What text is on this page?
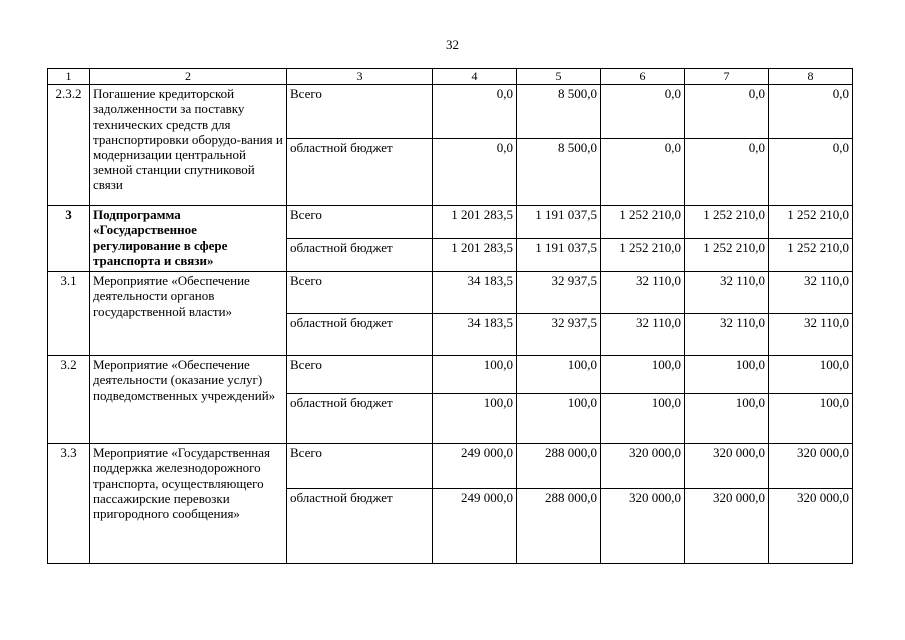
32
1	2	3	4	5	6	7	8
2.3.2	Погашение кредиторской задолженности за поставку технических средств для транспортировки оборудо-вания и модернизации центральной земной станции спутниковой связи	Всего	0,0	8 500,0	0,0	0,0	0,0
		областной бюджет	0,0	8 500,0	0,0	0,0	0,0
3	Подпрограмма «Государственное регулирование в сфере транспорта и связи»	Всего	1 201 283,5	1 191 037,5	1 252 210,0	1 252 210,0	1 252 210,0
		областной бюджет	1 201 283,5	1 191 037,5	1 252 210,0	1 252 210,0	1 252 210,0
3.1	Мероприятие «Обеспечение деятельности органов государственной власти»	Всего	34 183,5	32 937,5	32 110,0	32 110,0	32 110,0
		областной бюджет	34 183,5	32 937,5	32 110,0	32 110,0	32 110,0
3.2	Мероприятие «Обеспечение деятельности (оказание услуг) подведомственных учреждений»	Всего	100,0	100,0	100,0	100,0	100,0
		областной бюджет	100,0	100,0	100,0	100,0	100,0
3.3	Мероприятие «Государственная поддержка железнодорожного транспорта, осуществляющего пассажирские перевозки пригородного сообщения»	Всего	249 000,0	288 000,0	320 000,0	320 000,0	320 000,0
		областной бюджет	249 000,0	288 000,0	320 000,0	320 000,0	320 000,0
